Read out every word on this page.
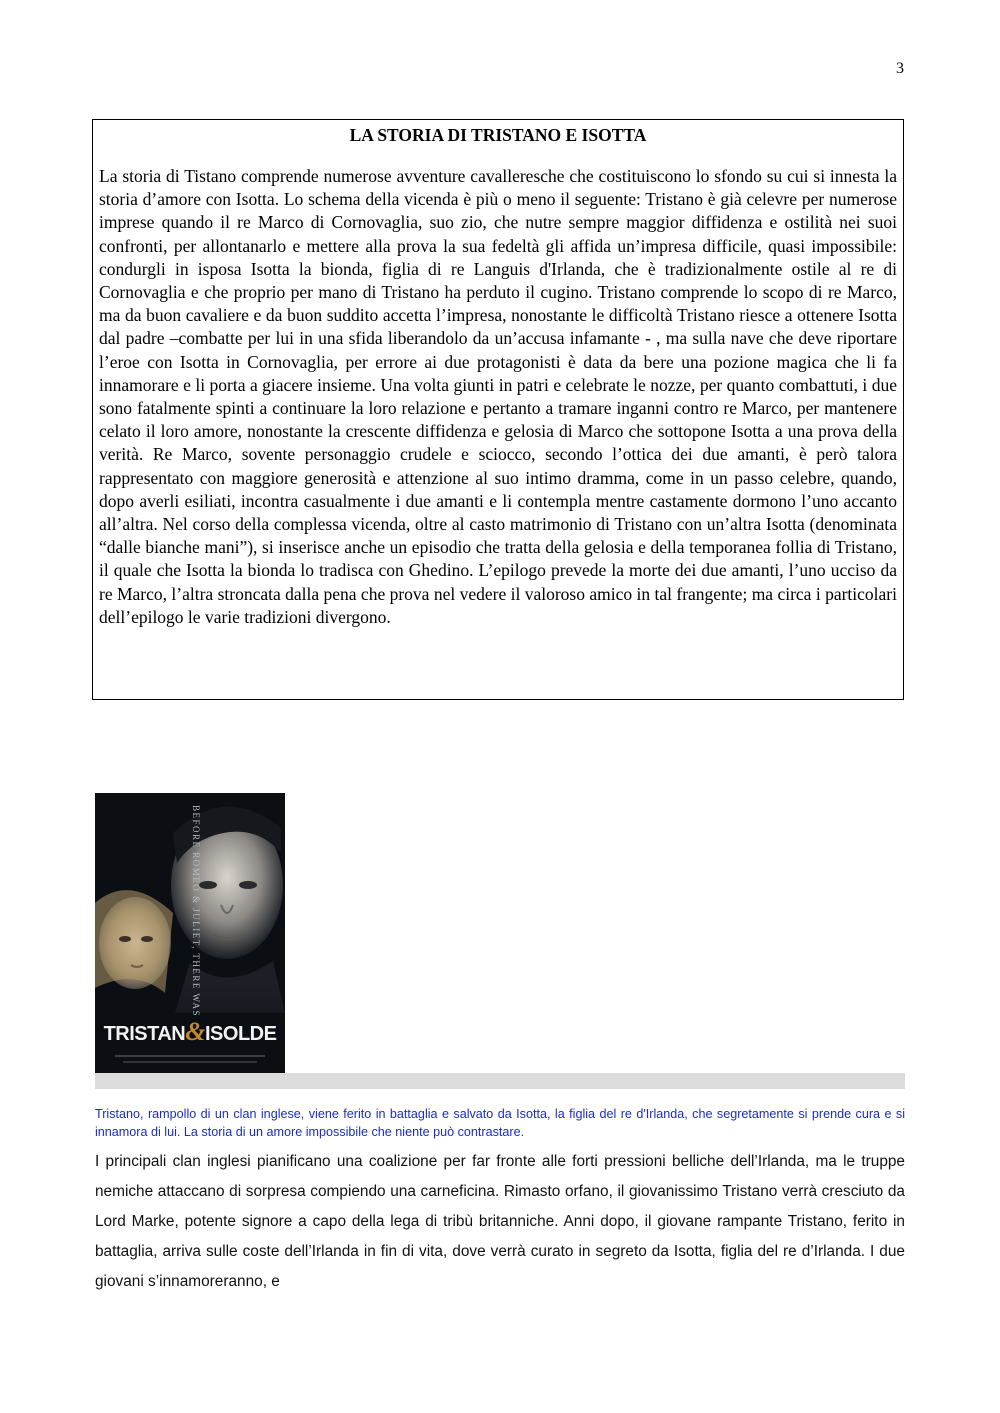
3
LA STORIA DI TRISTANO E ISOTTA

La storia di Tistano comprende numerose avventure cavalleresche che costituiscono lo sfondo su cui si innesta la storia d’amore con Isotta. Lo schema della vicenda è più o meno il seguente: Tristano è già celevre per numerose imprese quando il re Marco di Cornovaglia, suo zio, che nutre sempre maggior diffidenza e ostilità nei suoi confronti, per allontanarlo e mettere alla prova la sua fedeltà gli affida un’impresa difficile, quasi impossibile: condurgli in isposa Isotta la bionda, figlia di re Languis d'Irlanda, che è tradizionalmente ostile al re di Cornovaglia e che proprio per mano di Tristano ha perduto il cugino. Tristano comprende lo scopo di re Marco, ma da buon cavaliere e da buon suddito accetta l’impresa, nonostante le difficoltà Tristano riesce a ottenere Isotta dal padre –combatte per lui in una sfida liberandolo da un’accusa infamante - , ma sulla nave che deve riportare l’eroe con Isotta in Cornovaglia, per errore ai due protagonisti è data da bere una pozione magica che li fa innamorare e li porta a giacere insieme. Una volta giunti in patri e celebrate le nozze, per quanto combattuti, i due sono fatalmente spinti a continuare la loro relazione e pertanto a tramare inganni contro re Marco, per mantenere celato il loro amore, nonostante la crescente diffidenza e gelosia di Marco che sottopone Isotta a una prova della verità. Re Marco, sovente personaggio crudele e sciocco, secondo l’ottica dei due amanti, è però talora rappresentato con maggiore generosità e attenzione al suo intimo dramma, come in un passo celebre, quando, dopo averli esiliati, incontra casualmente i due amanti e li contempla mentre castamente dormono l’uno accanto all’altra. Nel corso della complessa vicenda, oltre al casto matrimonio di Tristano con un’altra Isotta (denominata “dalle bianche mani”), si inserisce anche un episodio che tratta della gelosia e della temporanea follia di Tristano, il quale che Isotta la bionda lo tradisca con Ghedino. L’epilogo prevede la morte dei due amanti, l’uno ucciso da re Marco, l’altra stroncata dalla pena che prova nel vedere il valoroso amico in tal frangente; ma circa i particolari dell’epilogo le varie tradizioni divergono.

BEFORE ROMEO & JULIET, THERE WAS
TRISTAN&ISOLDE

Tristano, rampollo di un clan inglese, viene ferito in battaglia e salvato da Isotta, la figlia del re d'Irlanda, che segretamente si prende cura e si innamora di lui. La storia di un amore impossibile che niente può contrastare.

I principali clan inglesi pianificano una coalizione per far fronte alle forti pressioni belliche dell’Irlanda, ma le truppe nemiche attaccano di sorpresa compiendo una carneficina. Rimasto orfano, il giovanissimo Tristano verrà cresciuto da Lord Marke, potente signore a capo della lega di tribù britanniche. Anni dopo, il giovane rampante Tristano, ferito in battaglia, arriva sulle coste dell’Irlanda in fin di vita, dove verrà curato in segreto da Isotta, figlia del re d’Irlanda. I due giovani s’innamoreranno, e
